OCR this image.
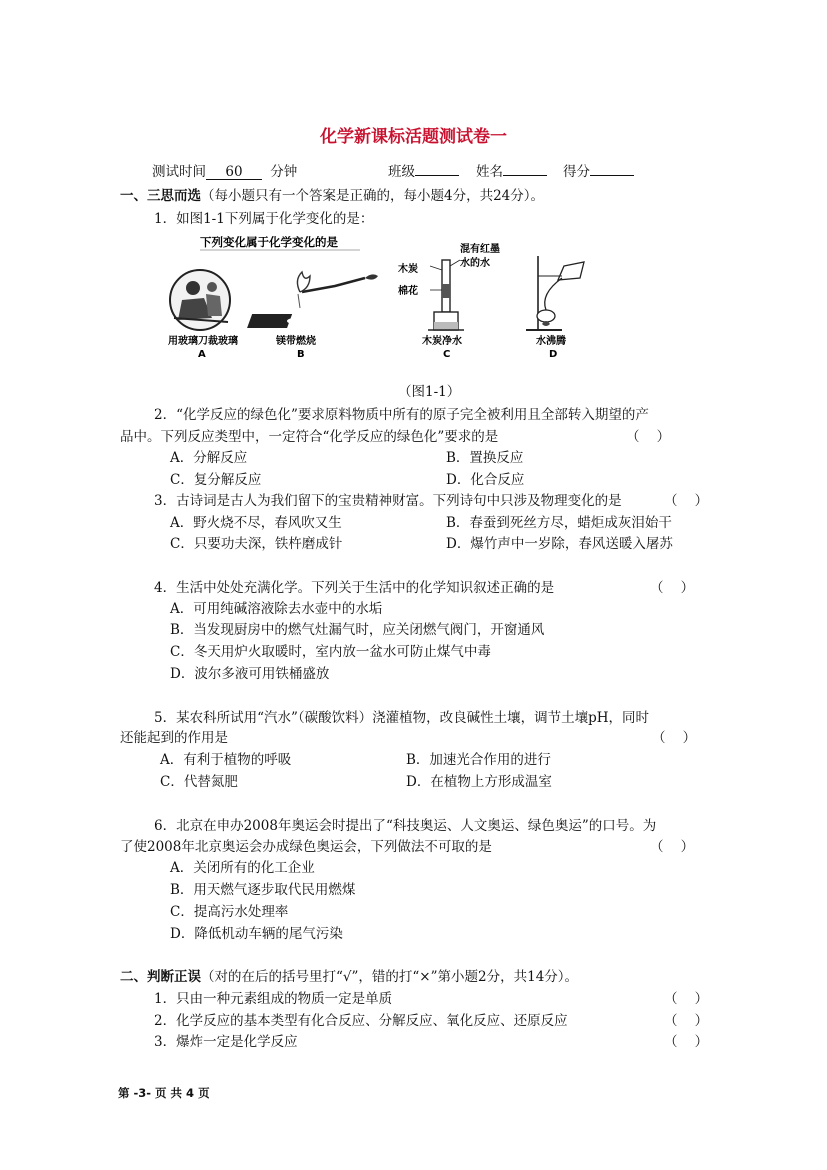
化学新课标活题测试卷一
测试时间 60 分钟	班级	姓名	得分
一、三思而选（每小题只有一个答案是正确的，每小题4分，共24分）。
1．如图1-1下列属于化学变化的是：
下列变化属于化学变化的是
木炭
棉花
混有红墨
水的水
用玻璃刀裁玻璃	镁带燃烧	木炭净水	水沸腾
A	B	C	D
（图1-1）
2．“化学反应的绿色化”要求原料物质中所有的原子完全被利用且全部转入期望的产
品中。下列反应类型中，一定符合“化学反应的绿色化”要求的是	（    ）
A．分解反应	B．置换反应
C．复分解反应	D．化合反应
3．古诗词是古人为我们留下的宝贵精神财富。下列诗句中只涉及物理变化的是	（    ）
A．野火烧不尽，春风吹又生	B．春蚕到死丝方尽，蜡炬成灰泪始干
C．只要功夫深，铁杵磨成针	D．爆竹声中一岁除，春风送暖入屠苏
4．生活中处处充满化学。下列关于生活中的化学知识叙述正确的是	（    ）
A．可用纯碱溶液除去水壶中的水垢
B．当发现厨房中的燃气灶漏气时，应关闭燃气阀门，开窗通风
C．冬天用炉火取暖时，室内放一盆水可防止煤气中毒
D．波尔多液可用铁桶盛放
5．某农科所试用“汽水”（碳酸饮料）浇灌植物，改良碱性土壤，调节土壤pH，同时
还能起到的作用是	（    ）
A．有利于植物的呼吸	B．加速光合作用的进行
C．代替氮肥	D．在植物上方形成温室
6．北京在申办2008年奥运会时提出了“科技奥运、人文奥运、绿色奥运”的口号。为
了使2008年北京奥运会办成绿色奥运会，下列做法不可取的是	（    ）
A．关闭所有的化工企业
B．用天燃气逐步取代民用燃煤
C．提高污水处理率
D．降低机动车辆的尾气污染
二、判断正误（对的在后的括号里打“√”，错的打“×”第小题2分，共14分）。
1．只由一种元素组成的物质一定是单质	（    ）
2．化学反应的基本类型有化合反应、分解反应、氧化反应、还原反应	（    ）
3．爆炸一定是化学反应	（    ）
第 -3- 页 共 4 页
